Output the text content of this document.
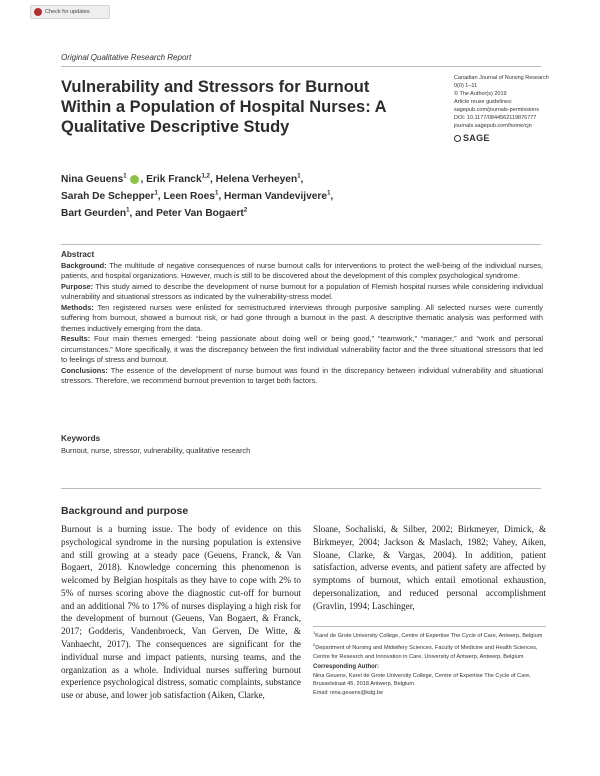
Check for updates
Original Qualitative Research Report
Vulnerability and Stressors for Burnout Within a Population of Hospital Nurses: A Qualitative Descriptive Study
Canadian Journal of Nursing Research
0(0) 1–11
© The Author(s) 2019
Article reuse guidelines:
sagepub.com/journals-permissions
DOI: 10.1177/0844562119876777
journals.sagepub.com/home/cjn
SAGE
Nina Geuens$^1$ , Erik Franck$^{1,2}$, Helena Verheyen$^1$,
Sarah De Schepper$^1$, Leen Roes$^1$, Herman Vandevijvere$^1$,
Bart Geurden$^1$, and Peter Van Bogaert$^2$
Abstract

Background: The multitude of negative consequences of nurse burnout calls for interventions to protect the well-being of the individual nurses, patients, and hospital organizations. However, much is still to be discovered about the development of this complex psychological syndrome.

Purpose: This study aimed to describe the development of nurse burnout for a population of Flemish hospital nurses while considering individual vulnerability and situational stressors as indicated by the vulnerability-stress model.

Methods: Ten registered nurses were enlisted for semistructured interviews through purposive sampling. All selected nurses were currently suffering from burnout, showed a burnout risk, or had gone through a burnout in the past. A descriptive thematic analysis was performed with themes inductively emerging from the data.

Results: Four main themes emerged: “being passionate about doing well or being good,” “teamwork,” “manager,” and “work and personal circumstances.” More specifically, it was the discrepancy between the first individual vulnerability factor and the three situational stressors that led to feelings of stress and burnout.

Conclusions: The essence of the development of nurse burnout was found in the discrepancy between individual vulnerability and situational stressors. Therefore, we recommend burnout prevention to target both factors.

Keywords
Burnout, nurse, stressor, vulnerability, qualitative research
Background and purpose
Burnout is a burning issue. The body of evidence on this psychological syndrome in the nursing population is extensive and still growing at a steady pace (Geuens, Franck, & Van Bogaert, 2018). Knowledge concerning this phenomenon is welcomed by Belgian hospitals as they have to cope with 2% to 5% of nurses scoring above the diagnostic cut-off for burnout and an additional 7% to 17% of nurses displaying a high risk for the development of burnout (Geuens, Van Bogaert, & Franck, 2017; Godderis, Vandenbroeck, Van Gerven, De Witte, & Vanhaecht, 2017). The consequences are significant for the individual nurse and impact patients, nursing teams, and the organization as a whole. Individual nurses suffering burnout experience psychological distress, somatic complaints, substance use or abuse, and lower job satisfaction (Aiken, Clarke,
Sloane, Sochaliski, & Silber, 2002; Birkmeyer, Dimick, & Birkmeyer, 2004; Jackson & Maslach, 1982; Vahey, Aiken, Sloane, Clarke, & Vargas, 2004). In addition, patient satisfaction, adverse events, and patient safety are affected by symptoms of burnout, which entail emotional exhaustion, depersonalization, and reduced personal accomplishment (Gravlin, 1994; Laschinger,

$^1$Karel de Grote University College, Centre of Expertise The Cycle of Care, Antwerp, Belgium

$^2$Department of Nursing and Midwifery Sciences, Faculty of Medicine and Health Sciences, Centre for Research and Innovation in Care, University of Antwerp, Antwerp, Belgium

Corresponding Author:
Nina Geuens, Karel de Grote University College, Centre of Expertise The Cycle of Care, Brusselstraat 45, 2018 Antwerp, Belgium.
Email: nina.geuens@kdg.be
